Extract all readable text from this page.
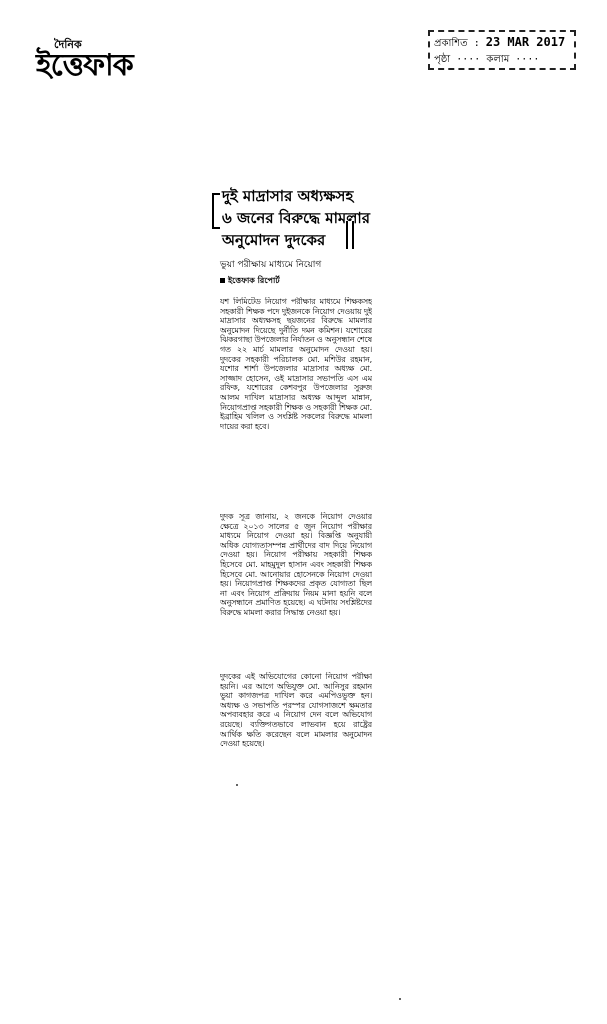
দৈনিক
ইত্তেফাক
প্রকাশিত : 23 MAR 2017
পৃষ্ঠা ···· কলাম ····

দুই মাদ্রাসার অধ্যক্ষসহ

৬ জনের বিরুদ্ধে মামলার

অনুমোদন দুদকের

ভুয়া পরীক্ষায় মাধ্যমে নিয়োগ
ইত্তেফাক রিপোর্ট

যশ লিমিটেড নিয়োগ পরীক্ষার মাধ্যমে শিক্ষকসহ সহকারী শিক্ষক পদে দুইজনকে নিয়োগ দেওয়ায় দুই মাদ্রাসার অধ্যক্ষসহ ছয়জনের বিরুদ্ধে মামলার অনুমোদন দিয়েছে দুর্নীতি দমন কমিশন। যশোরের ঝিকরগাছা উপজেলার নির্যাতন ও অনুসন্ধান শেষে গত ২২ মার্চ মামলার অনুমোদন দেওয়া হয়। দুদকের সহকারী পরিচালক মো. মশিউর রহমান, যশোর শার্শা উপজেলার মাদ্রাসার অধ্যক্ষ মো. সাজ্জাদ হোসেন, ওই মাদ্রাসার সভাপতি এস এম রফিক, যশোরের কেশবপুর উপজেলার সুরুজ আলম দাখিল মাদ্রাসার অধ্যক্ষ আব্দুল মান্নান, নিয়োগপ্রাপ্ত সহকারী শিক্ষক ও সহকারী শিক্ষক মো. ইব্রাহিম খলিল ও সংশ্লিষ্ট সকলের বিরুদ্ধে মামলা দায়ের করা হবে।

দুদক সূত্র জানায়, ২ জনকে নিয়োগ দেওয়ার ক্ষেত্রে ২০১৩ সালের ৫ জুন নিয়োগ পরীক্ষার মাধ্যমে নিয়োগ দেওয়া হয়। বিজ্ঞপ্তি অনুযায়ী অধিক যোগ্যতাসম্পন্ন প্রার্থীদের বাদ দিয়ে নিয়োগ দেওয়া হয়। নিয়োগ পরীক্ষায় সহকারী শিক্ষক হিসেবে মো. মাহমুদুল হাসান এবং সহকারী শিক্ষক হিসেবে মো. আনোয়ার হোসেনকে নিয়োগ দেওয়া হয়। নিয়োগপ্রাপ্ত শিক্ষকদের প্রকৃত যোগ্যতা ছিল না এবং নিয়োগ প্রক্রিয়ায় নিয়ম মানা হয়নি বলে অনুসন্ধানে প্রমাণিত হয়েছে। এ ঘটনায় সংশ্লিষ্টদের বিরুদ্ধে মামলা করার সিদ্ধান্ত নেওয়া হয়।

দুদকের এই অভিযোগের কোনো নিয়োগ পরীক্ষা হয়নি। এর আগে অভিযুক্ত মো. আনিসুর রহমান ভুয়া কাগজপত্র দাখিল করে এমপিওভুক্ত হন। অধ্যক্ষ ও সভাপতি পরস্পর যোগসাজশে ক্ষমতার অপব্যবহার করে এ নিয়োগ দেন বলে অভিযোগ রয়েছে। ব্যক্তিগতভাবে লাভবান হয়ে রাষ্ট্রের আর্থিক ক্ষতি করেছেন বলে মামলার অনুমোদন দেওয়া হয়েছে।
